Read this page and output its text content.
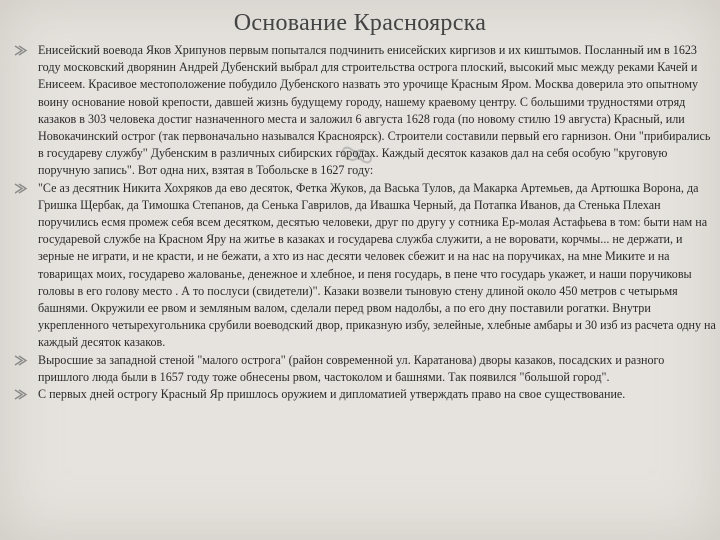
Основание Красноярска
Енисейский воевода Яков Хрипунов первым попытался подчинить енисейских киргизов и их киштымов. Посланный им в 1623 году московский дворянин Андрей Дубенский выбрал для строительства острога плоский, высокий мыс между реками Качей и Енисеем. Красивое местоположение побудило Дубенского назвать это урочище Красным Яром. Москва доверила это опытному воину основание новой крепости, давшей жизнь будущему городу, нашему краевому центру. С большими трудностями отряд казаков в 303 человека достиг назначенного места и заложил 6 августа 1628 года (по новому стилю 19 августа) Красный, или Новокачинский острог (так первоначально назывался Красноярск). Строители составили первый его гарнизон. Они "прибирались в государеву службу" Дубенским в различных сибирских городах. Каждый десяток казаков дал на себя особую "круговую поручную запись". Вот одна них, взятая в Тобольске в 1627 году:
"Се аз десятник Никита Хохряков да ево десяток, Фетка Жуков, да Васька Тулов, да Макарка Артемьев, да Артюшка Ворона, да Гришка Щербак, да Тимошка Степанов, да Сенька Гаврилов, да Ивашка Черный, да Потапка Иванов, да Стенька Плехан поручились есмя промеж себя всем десятком, десятью человеки, друг по другу у сотника Ер-молая Астафьева в том: быти нам на государевой службе на Красном Яру на житье в казаках и государева служба служити, а не воровати, корчмы... не держати, и зерные не играти, и не красти, и не бежати, а хто из нас десяти человек сбежит и на нас на поручиках, на мне Миките и на товарищах моих, государево жалованье, денежное и хлебное, и пеня государь, в пене что государь укажет, и наши поручиковы головы в его голову место . А то послуси (свидетели)". Казаки возвели тыновую стену длиной около 450 метров с четырьмя башнями. Окружили ее рвом и земляным валом, сделали перед рвом надолбы, а по его дну поставили рогатки. Внутри укрепленного четырехугольника срубили воеводский двор, приказную избу, зелейные, хлебные амбары и 30 изб из расчета одну на каждый десяток казаков.
Выросшие за западной стеной "малого острога" (район современной ул. Каратанова) дворы казаков, посадских и разного пришлого люда были в 1657 году тоже обнесены рвом, частоколом и башнями. Так появился "большой город".
С первых дней острогу Красный Яр пришлось оружием и дипломатией утверждать право на свое существование.
